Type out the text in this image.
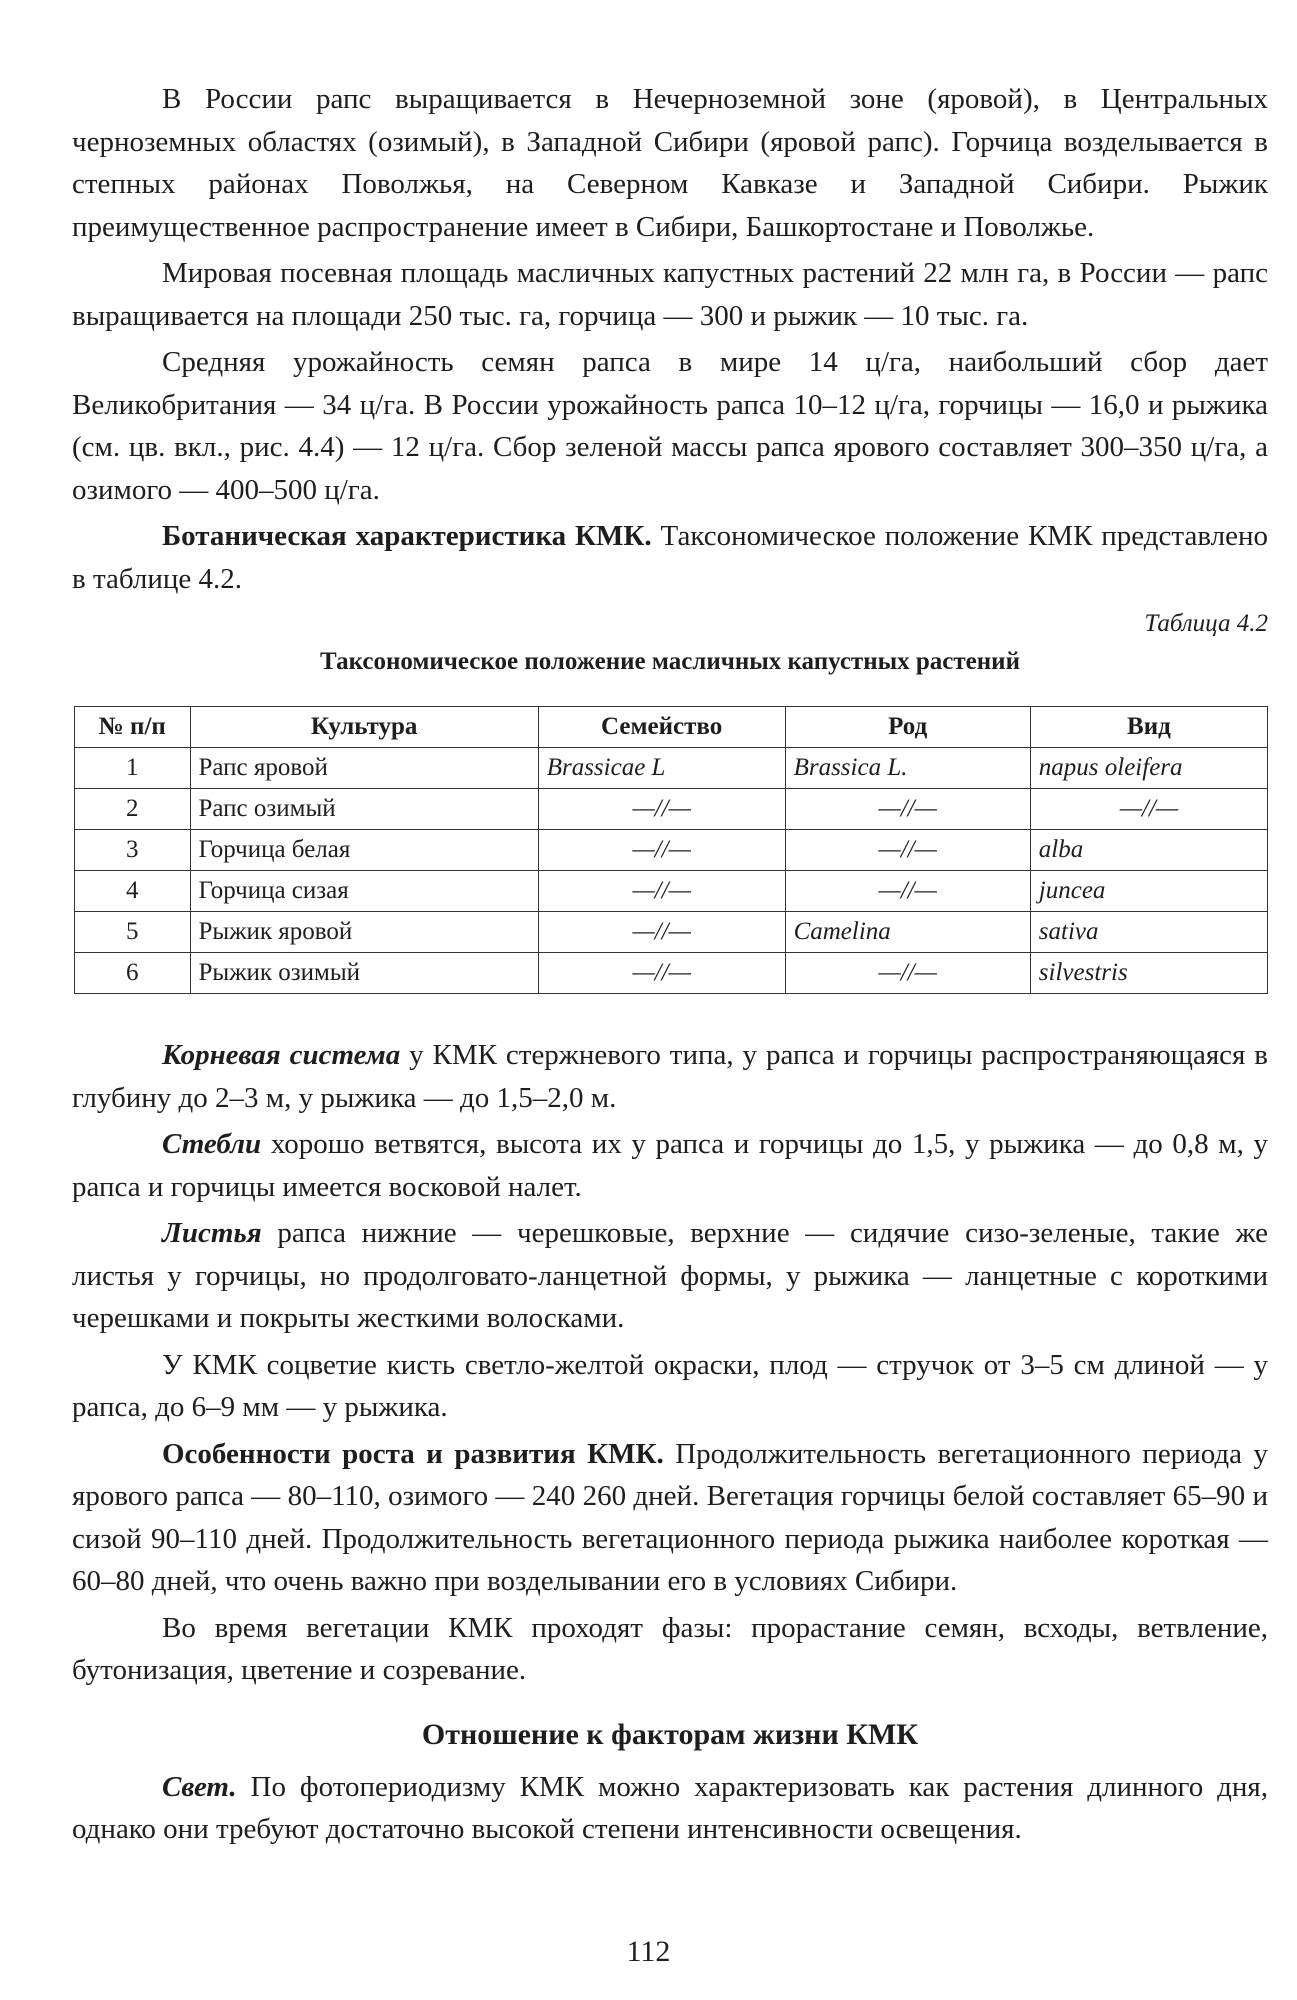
В России рапс выращивается в Нечерноземной зоне (яровой), в Центральных черноземных областях (озимый), в Западной Сибири (яровой рапс). Горчица возделывается в степных районах Поволжья, на Северном Кавказе и Западной Сибири. Рыжик преимущественное распространение имеет в Сибири, Башкортостане и Поволжье.

Мировая посевная площадь масличных капустных растений 22 млн га, в России — рапс выращивается на площади 250 тыс. га, горчица — 300 и рыжик — 10 тыс. га.

Средняя урожайность семян рапса в мире 14 ц/га, наибольший сбор дает Великобритания — 34 ц/га. В России урожайность рапса 10–12 ц/га, горчицы — 16,0 и рыжика (см. цв. вкл., рис. 4.4) — 12 ц/га. Сбор зеленой массы рапса ярового составляет 300–350 ц/га, а озимого — 400–500 ц/га.

Ботаническая характеристика КМК. Таксономическое положение КМК представлено в таблице 4.2.

Таблица 4.2
Таксономическое положение масличных капустных растений
№ п/п	Культура	Семейство	Род	Вид
1	Рапс яровой	Brassicae L	Brassica L.	napus oleifera
2	Рапс озимый	—//—	—//—	—//—
3	Горчица белая	—//—	—//—	alba
4	Горчица сизая	—//—	—//—	juncea
5	Рыжик яровой	—//—	Camelina	sativa
6	Рыжик озимый	—//—	—//—	silvestris

Корневая система у КМК стержневого типа, у рапса и горчицы распространяющаяся в глубину до 2–3 м, у рыжика — до 1,5–2,0 м.

Стебли хорошо ветвятся, высота их у рапса и горчицы до 1,5, у рыжика — до 0,8 м, у рапса и горчицы имеется восковой налет.

Листья рапса нижние — черешковые, верхние — сидячие сизо-зеленые, такие же листья у горчицы, но продолговато-ланцетной формы, у рыжика — ланцетные с короткими черешками и покрыты жесткими волосками.

У КМК соцветие кисть светло-желтой окраски, плод — стручок от 3–5 см длиной — у рапса, до 6–9 мм — у рыжика.

Особенности роста и развития КМК. Продолжительность вегетационного периода у ярового рапса — 80–110, озимого — 240 260 дней. Вегетация горчицы белой составляет 65–90 и сизой 90–110 дней. Продолжительность вегетационного периода рыжика наиболее короткая — 60–80 дней, что очень важно при возделывании его в условиях Сибири.

Во время вегетации КМК проходят фазы: прорастание семян, всходы, ветвление, бутонизация, цветение и созревание.

Отношение к факторам жизни КМК

Свет. По фотопериодизму КМК можно характеризовать как растения длинного дня, однако они требуют достаточно высокой степени интенсивности освещения.

112
